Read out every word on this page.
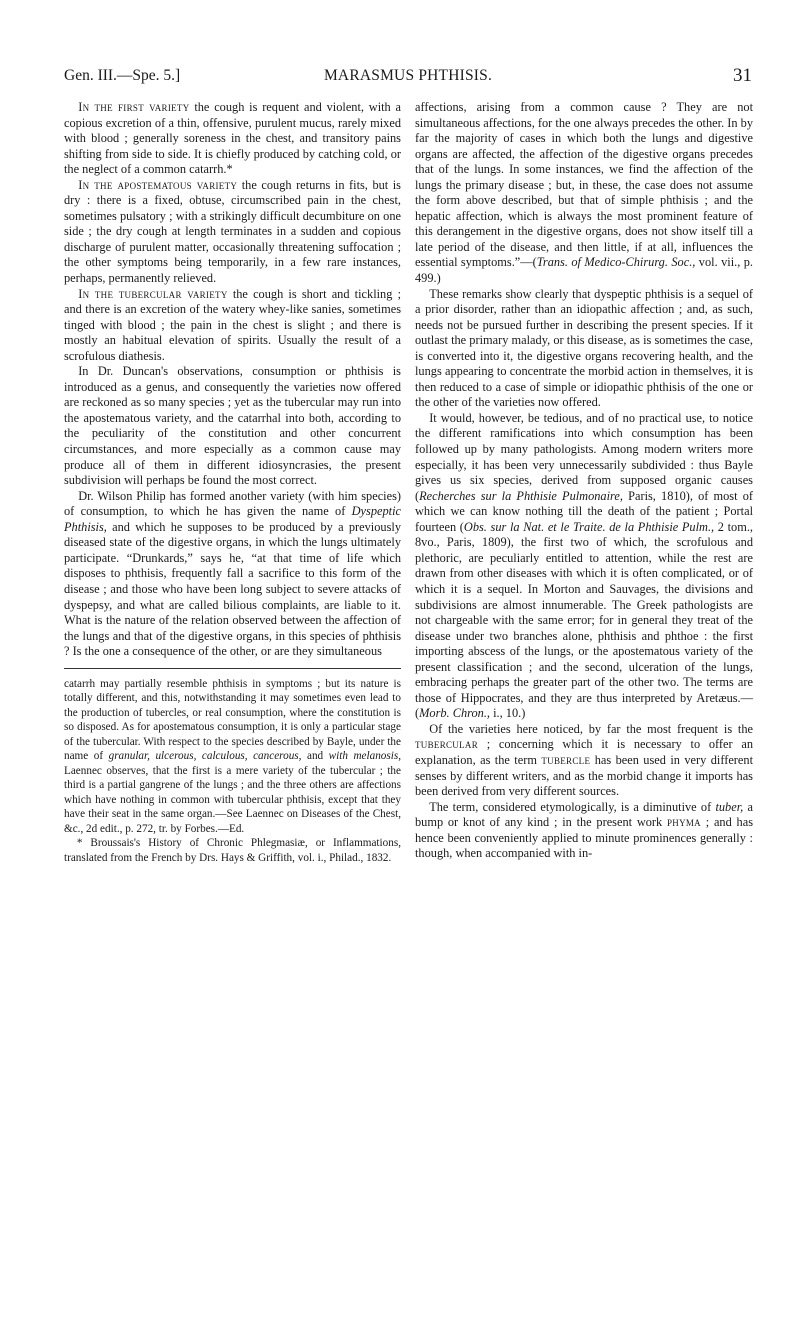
Gen. III.—Spe. 5.]	MARASMUS PHTHISIS.	31

In the first variety the cough is requent and violent, with a copious excretion of a thin, offensive, purulent mucus, rarely mixed with blood ; generally soreness in the chest, and transitory pains shifting from side to side. It is chiefly produced by catching cold, or the neglect of a common catarrh.*

In the apostematous variety the cough returns in fits, but is dry : there is a fixed, obtuse, circumscribed pain in the chest, sometimes pulsatory ; with a strikingly difficult decumbiture on one side ; the dry cough at length terminates in a sudden and copious discharge of purulent matter, occasionally threatening suffocation ; the other symptoms being temporarily, in a few rare instances, perhaps, permanently relieved.

In the tubercular variety the cough is short and tickling ; and there is an excretion of the watery whey-like sanies, sometimes tinged with blood ; the pain in the chest is slight ; and there is mostly an habitual elevation of spirits. Usually the result of a scrofulous diathesis.

In Dr. Duncan's observations, consumption or phthisis is introduced as a genus, and consequently the varieties now offered are reckoned as so many species ; yet as the tubercular may run into the apostematous variety, and the catarrhal into both, according to the peculiarity of the constitution and other concurrent circumstances, and more especially as a common cause may produce all of them in different idiosyncrasies, the present subdivision will perhaps be found the most correct.

Dr. Wilson Philip has formed another variety (with him species) of consumption, to which he has given the name of Dyspeptic Phthisis, and which he supposes to be produced by a previously diseased state of the digestive organs, in which the lungs ultimately participate. “Drunkards,” says he, “at that time of life which disposes to phthisis, frequently fall a sacrifice to this form of the disease ; and those who have been long subject to severe attacks of dyspepsy, and what are called bilious complaints, are liable to it. What is the nature of the relation observed between the affection of the lungs and that of the digestive organs, in this species of phthisis ? Is the one a consequence of the other, or are they simultaneous

catarrh may partially resemble phthisis in symptoms ; but its nature is totally different, and this, notwithstanding it may sometimes even lead to the production of tubercles, or real consumption, where the constitution is so disposed. As for apostematous consumption, it is only a particular stage of the tubercular. With respect to the species described by Bayle, under the name of granular, ulcerous, calculous, cancerous, and with melanosis, Laennec observes, that the first is a mere variety of the tubercular ; the third is a partial gangrene of the lungs ; and the three others are affections which have nothing in common with tubercular phthisis, except that they have their seat in the same organ.—See Laennec on Diseases of the Chest, &c., 2d edit., p. 272, tr. by Forbes.—Ed.

* Broussais's History of Chronic Phlegmasiæ, or Inflammations, translated from the French by Drs. Hays & Griffith, vol. i., Philad., 1832.

affections, arising from a common cause ? They are not simultaneous affections, for the one always precedes the other. In by far the majority of cases in which both the lungs and digestive organs are affected, the affection of the digestive organs precedes that of the lungs. In some instances, we find the affection of the lungs the primary disease ; but, in these, the case does not assume the form above described, but that of simple phthisis ; and the hepatic affection, which is always the most prominent feature of this derangement in the digestive organs, does not show itself till a late period of the disease, and then little, if at all, influences the essential symptoms.”—(Trans. of Medico-Chirurg. Soc., vol. vii., p. 499.)

These remarks show clearly that dyspeptic phthisis is a sequel of a prior disorder, rather than an idiopathic affection ; and, as such, needs not be pursued further in describing the present species. If it outlast the primary malady, or this disease, as is sometimes the case, is converted into it, the digestive organs recovering health, and the lungs appearing to concentrate the morbid action in themselves, it is then reduced to a case of simple or idiopathic phthisis of the one or the other of the varieties now offered.

It would, however, be tedious, and of no practical use, to notice the different ramifications into which consumption has been followed up by many pathologists. Among modern writers more especially, it has been very unnecessarily subdivided : thus Bayle gives us six species, derived from supposed organic causes (Recherches sur la Phthisie Pulmonaire, Paris, 1810), of most of which we can know nothing till the death of the patient ; Portal fourteen (Obs. sur la Nat. et le Traite. de la Phthisie Pulm., 2 tom., 8vo., Paris, 1809), the first two of which, the scrofulous and plethoric, are peculiarly entitled to attention, while the rest are drawn from other diseases with which it is often complicated, or of which it is a sequel. In Morton and Sauvages, the divisions and subdivisions are almost innumerable. The Greek pathologists are not chargeable with the same error; for in general they treat of the disease under two branches alone, phthisis and phthoe : the first importing abscess of the lungs, or the apostematous variety of the present classification ; and the second, ulceration of the lungs, embracing perhaps the greater part of the other two. The terms are those of Hippocrates, and they are thus interpreted by Aretæus.—(Morb. Chron., i., 10.)

Of the varieties here noticed, by far the most frequent is the tubercular ; concerning which it is necessary to offer an explanation, as the term tubercle has been used in very different senses by different writers, and as the morbid change it imports has been derived from very different sources.

The term, considered etymologically, is a diminutive of tuber, a bump or knot of any kind ; in the present work phyma ; and has hence been conveniently applied to minute prominences generally : though, when accompanied with in-
